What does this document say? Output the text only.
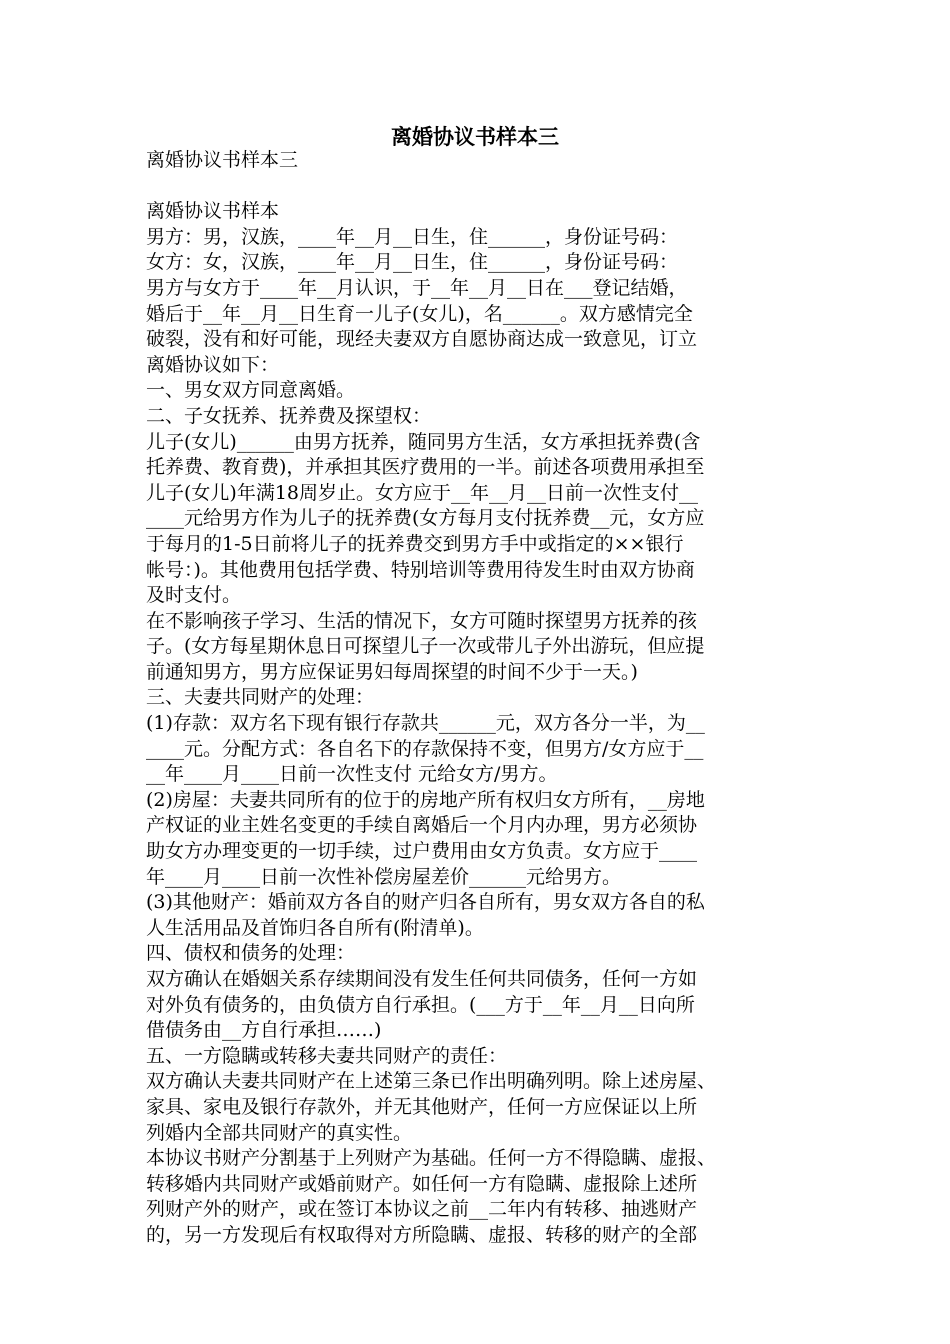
离婚协议书样本三
离婚协议书样本三
离婚协议书样本
男方：男，汉族，____年__月__日生，住______，身份证号码：
女方：女，汉族，____年__月__日生，住______，身份证号码：
男方与女方于____年__月认识，于__年__月__日在___登记结婚，
婚后于__年__月__日生育一儿子(女儿)，名______。双方感情完全
破裂，没有和好可能，现经夫妻双方自愿协商达成一致意见，订立
离婚协议如下：
一、男女双方同意离婚。
二、子女抚养、抚养费及探望权：
儿子(女儿)______由男方抚养，随同男方生活，女方承担抚养费(含
托养费、教育费)，并承担其医疗费用的一半。前述各项费用承担至
儿子(女儿)年满18周岁止。女方应于__年__月__日前一次性支付__
____元给男方作为儿子的抚养费(女方每月支付抚养费__元，女方应
于每月的1-5日前将儿子的抚养费交到男方手中或指定的××银行
帐号：)。其他费用包括学费、特别培训等费用待发生时由双方协商
及时支付。
在不影响孩子学习、生活的情况下，女方可随时探望男方抚养的孩
子。(女方每星期休息日可探望儿子一次或带儿子外出游玩，但应提
前通知男方，男方应保证男妇每周探望的时间不少于一天。)
三、夫妻共同财产的处理：
(1)存款：双方名下现有银行存款共______元，双方各分一半，为__
____元。分配方式：各自名下的存款保持不变，但男方/女方应于__
__年____月____日前一次性支付 元给女方/男方。
(2)房屋：夫妻共同所有的位于的房地产所有权归女方所有，__房地
产权证的业主姓名变更的手续自离婚后一个月内办理，男方必须协
助女方办理变更的一切手续，过户费用由女方负责。女方应于____
年____月____日前一次性补偿房屋差价______元给男方。
(3)其他财产：婚前双方各自的财产归各自所有，男女双方各自的私
人生活用品及首饰归各自所有(附清单)。
四、债权和债务的处理：
双方确认在婚姻关系存续期间没有发生任何共同债务，任何一方如
对外负有债务的，由负债方自行承担。(___方于__年__月__日向所
借债务由__方自行承担……)
五、一方隐瞒或转移夫妻共同财产的责任：
双方确认夫妻共同财产在上述第三条已作出明确列明。除上述房屋、
家具、家电及银行存款外，并无其他财产，任何一方应保证以上所
列婚内全部共同财产的真实性。
本协议书财产分割基于上列财产为基础。任何一方不得隐瞒、虚报、
转移婚内共同财产或婚前财产。如任何一方有隐瞒、虚报除上述所
列财产外的财产，或在签订本协议之前__二年内有转移、抽逃财产
的，另一方发现后有权取得对方所隐瞒、虚报、转移的财产的全部
